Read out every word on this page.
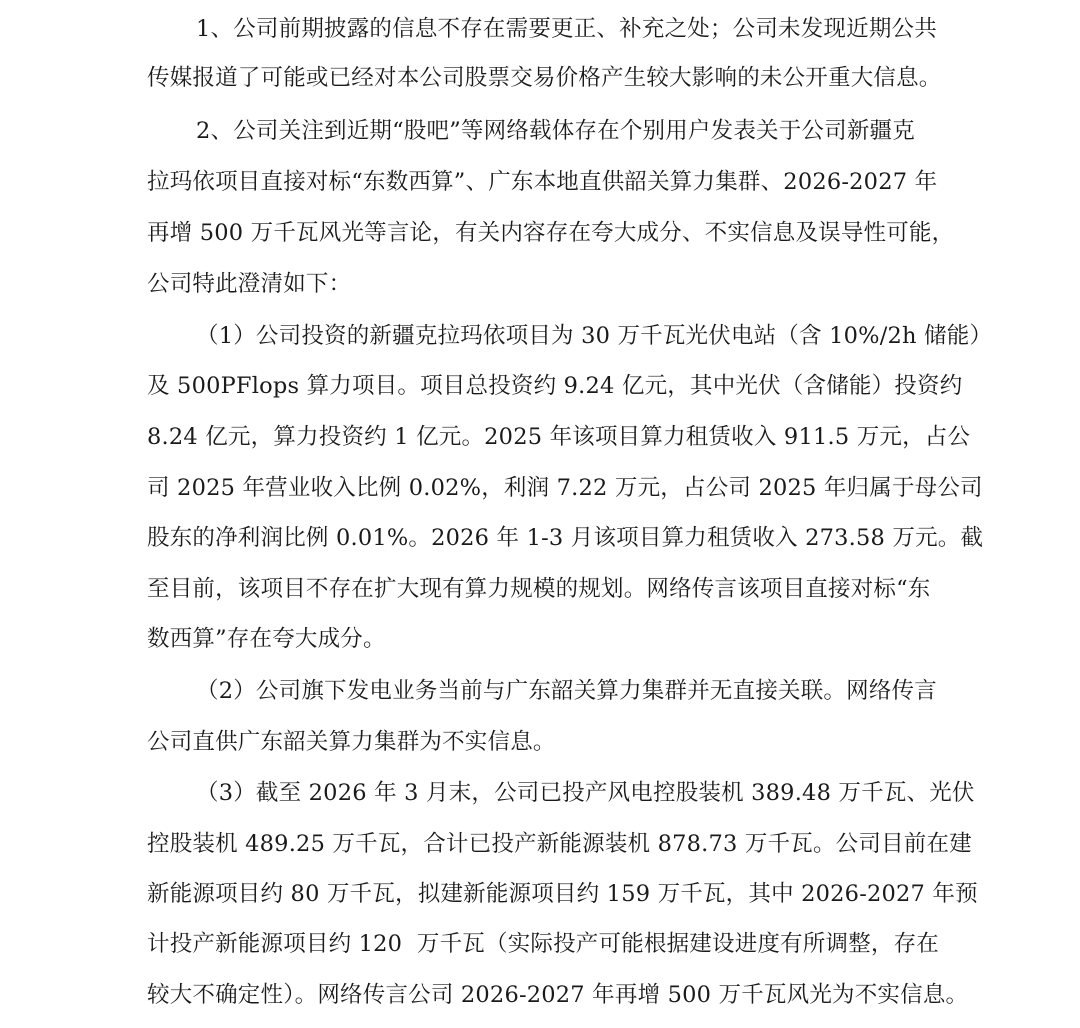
1、公司前期披露的信息不存在需要更正、补充之处；公司未发现近期公共
传媒报道了可能或已经对本公司股票交易价格产生较大影响的未公开重大信息。
2、公司关注到近期“股吧”等网络载体存在个别用户发表关于公司新疆克
拉玛依项目直接对标“东数西算”、广东本地直供韶关算力集群、2026-2027 年
再增 500 万千瓦风光等言论，有关内容存在夸大成分、不实信息及误导性可能，
公司特此澄清如下：
（1）公司投资的新疆克拉玛依项目为 30 万千瓦光伏电站（含 10%/2h 储能）
及 500PFlops 算力项目。项目总投资约 9.24 亿元，其中光伏（含储能）投资约
8.24 亿元，算力投资约 1 亿元。2025 年该项目算力租赁收入 911.5 万元，占公
司 2025 年营业收入比例 0.02%，利润 7.22 万元，占公司 2025 年归属于母公司
股东的净利润比例 0.01%。2026 年 1-3 月该项目算力租赁收入 273.58 万元。截
至目前，该项目不存在扩大现有算力规模的规划。网络传言该项目直接对标“东
数西算”存在夸大成分。
（2）公司旗下发电业务当前与广东韶关算力集群并无直接关联。网络传言
公司直供广东韶关算力集群为不实信息。
（3）截至 2026 年 3 月末，公司已投产风电控股装机 389.48 万千瓦、光伏
控股装机 489.25 万千瓦，合计已投产新能源装机 878.73 万千瓦。公司目前在建
新能源项目约 80 万千瓦，拟建新能源项目约 159 万千瓦，其中 2026-2027 年预
计投产新能源项目约 120  万千瓦（实际投产可能根据建设进度有所调整，存在
较大不确定性）。网络传言公司 2026-2027 年再增 500 万千瓦风光为不实信息。
